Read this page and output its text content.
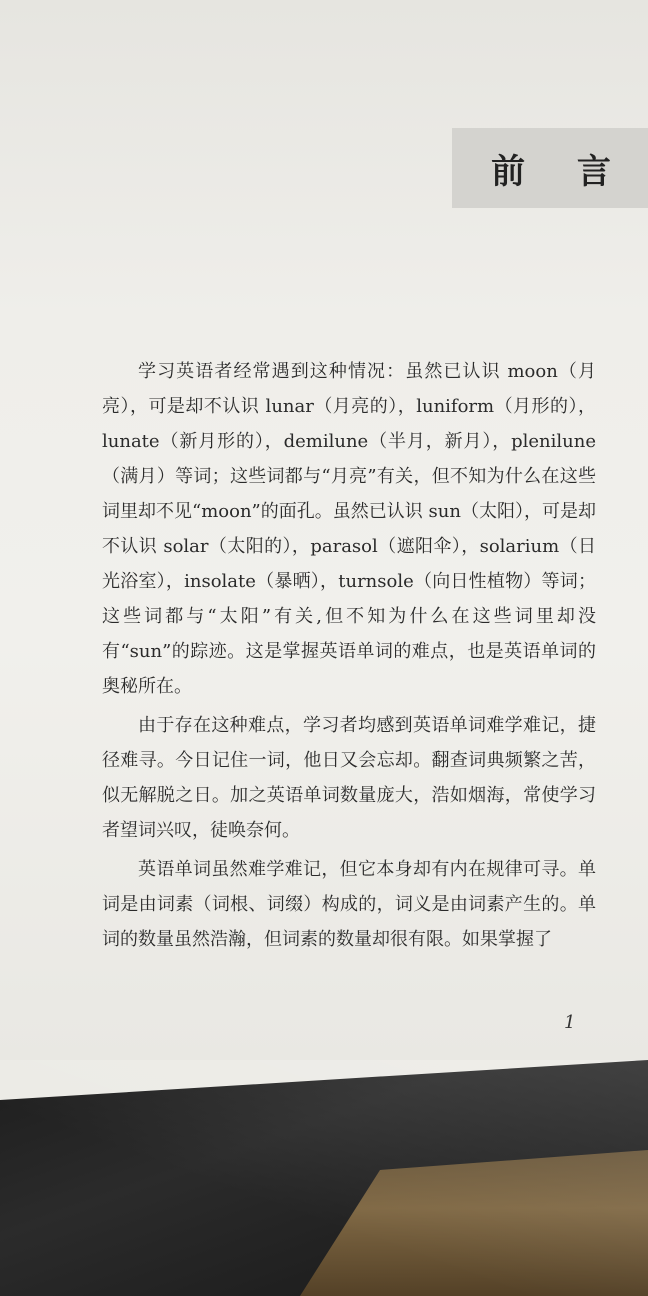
前 言

学习英语者经常遇到这种情况：虽然已认识 moon（月亮），可是却不认识 lunar（月亮的），luniform（月形的），lunate（新月形的），demilune（半月，新月），plenilune（满月）等词；这些词都与“月亮”有关，但不知为什么在这些词里却不见“moon”的面孔。虽然已认识 sun（太阳），可是却不认识 solar（太阳的），parasol（遮阳伞），solarium（日光浴室），insolate（暴晒），turnsole（向日性植物）等词；这些词都与“太阳”有关,但不知为什么在这些词里却没有“sun”的踪迹。这是掌握英语单词的难点，也是英语单词的奥秘所在。

由于存在这种难点，学习者均感到英语单词难学难记，捷径难寻。今日记住一词，他日又会忘却。翻查词典频繁之苦，似无解脱之日。加之英语单词数量庞大，浩如烟海，常使学习者望词兴叹，徒唤奈何。

英语单词虽然难学难记，但它本身却有内在规律可寻。单词是由词素（词根、词缀）构成的，词义是由词素产生的。单词的数量虽然浩瀚，但词素的数量却很有限。如果掌握了

1
